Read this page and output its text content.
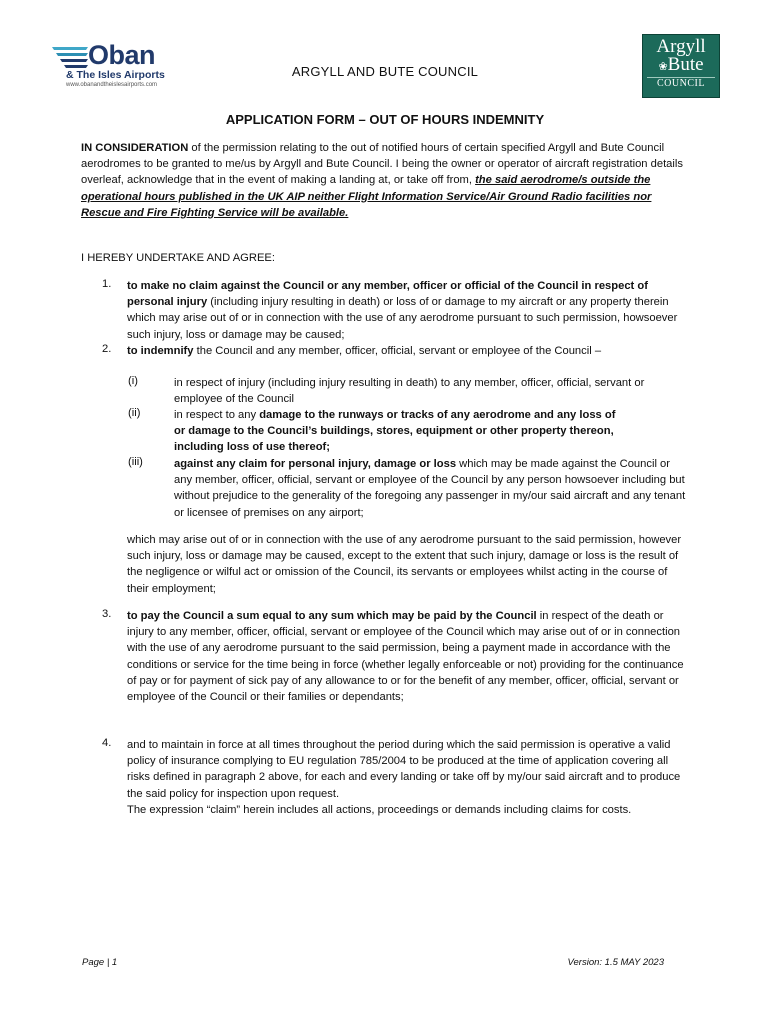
Oban
& The Isles Airports
www.obanandtheislesairports.com
Argyll
❀Bute
COUNCIL
ARGYLL AND BUTE COUNCIL
APPLICATION FORM – OUT OF HOURS INDEMNITY
IN CONSIDERATION of the permission relating to the out of notified hours of certain specified Argyll and Bute Council aerodromes to be granted to me/us by Argyll and Bute Council. I being the owner or operator of aircraft registration details overleaf, acknowledge that in the event of making a landing at, or take off from, the said aerodrome/s outside the operational hours published in the UK AIP neither Flight Information Service/Air Ground Radio facilities nor Rescue and Fire Fighting Service will be available.
I HEREBY UNDERTAKE AND AGREE:
1. to make no claim against the Council or any member, officer or official of the Council in respect of personal injury (including injury resulting in death) or loss of or damage to my aircraft or any property therein which may arise out of or in connection with the use of any aerodrome pursuant to such permission, howsoever such injury, loss or damage may be caused;
2. to indemnify the Council and any member, officer, official, servant or employee of the Council –
(i)	in respect of injury (including injury resulting in death) to any member, officer, official, servant or employee of the Council
(ii)	in respect to any damage to the runways or tracks of any aerodrome and any loss of or damage to the Council’s buildings, stores, equipment or other property thereon, including loss of use thereof;
(iii)	against any claim for personal injury, damage or loss which may be made against the Council or any member, officer, official, servant or employee of the Council by any person howsoever including but without prejudice to the generality of the foregoing any passenger in my/our said aircraft and any tenant or licensee of premises on any airport;
which may arise out of or in connection with the use of any aerodrome pursuant to the said permission, however such injury, loss or damage may be caused, except to the extent that such injury, damage or loss is the result of the negligence or wilful act or omission of the Council, its servants or employees whilst acting in the course of their employment;
3. to pay the Council a sum equal to any sum which may be paid by the Council in respect of the death or injury to any member, officer, official, servant or employee of the Council which may arise out of or in connection with the use of any aerodrome pursuant to the said permission, being a payment made in accordance with the conditions or service for the time being in force (whether legally enforceable or not) providing for the continuance of pay or for payment of sick pay of any allowance to or for the benefit of any member, officer, official, servant or employee of the Council or their families or dependants;
4. and to maintain in force at all times throughout the period during which the said permission is operative a valid policy of insurance complying to EU regulation 785/2004 to be produced at the time of application covering all risks defined in paragraph 2 above, for each and every landing or take off by my/our said aircraft and to produce the said policy for inspection upon request.
The expression “claim” herein includes all actions, proceedings or demands including claims for costs.
Page | 1	Version: 1.5 MAY 2023
